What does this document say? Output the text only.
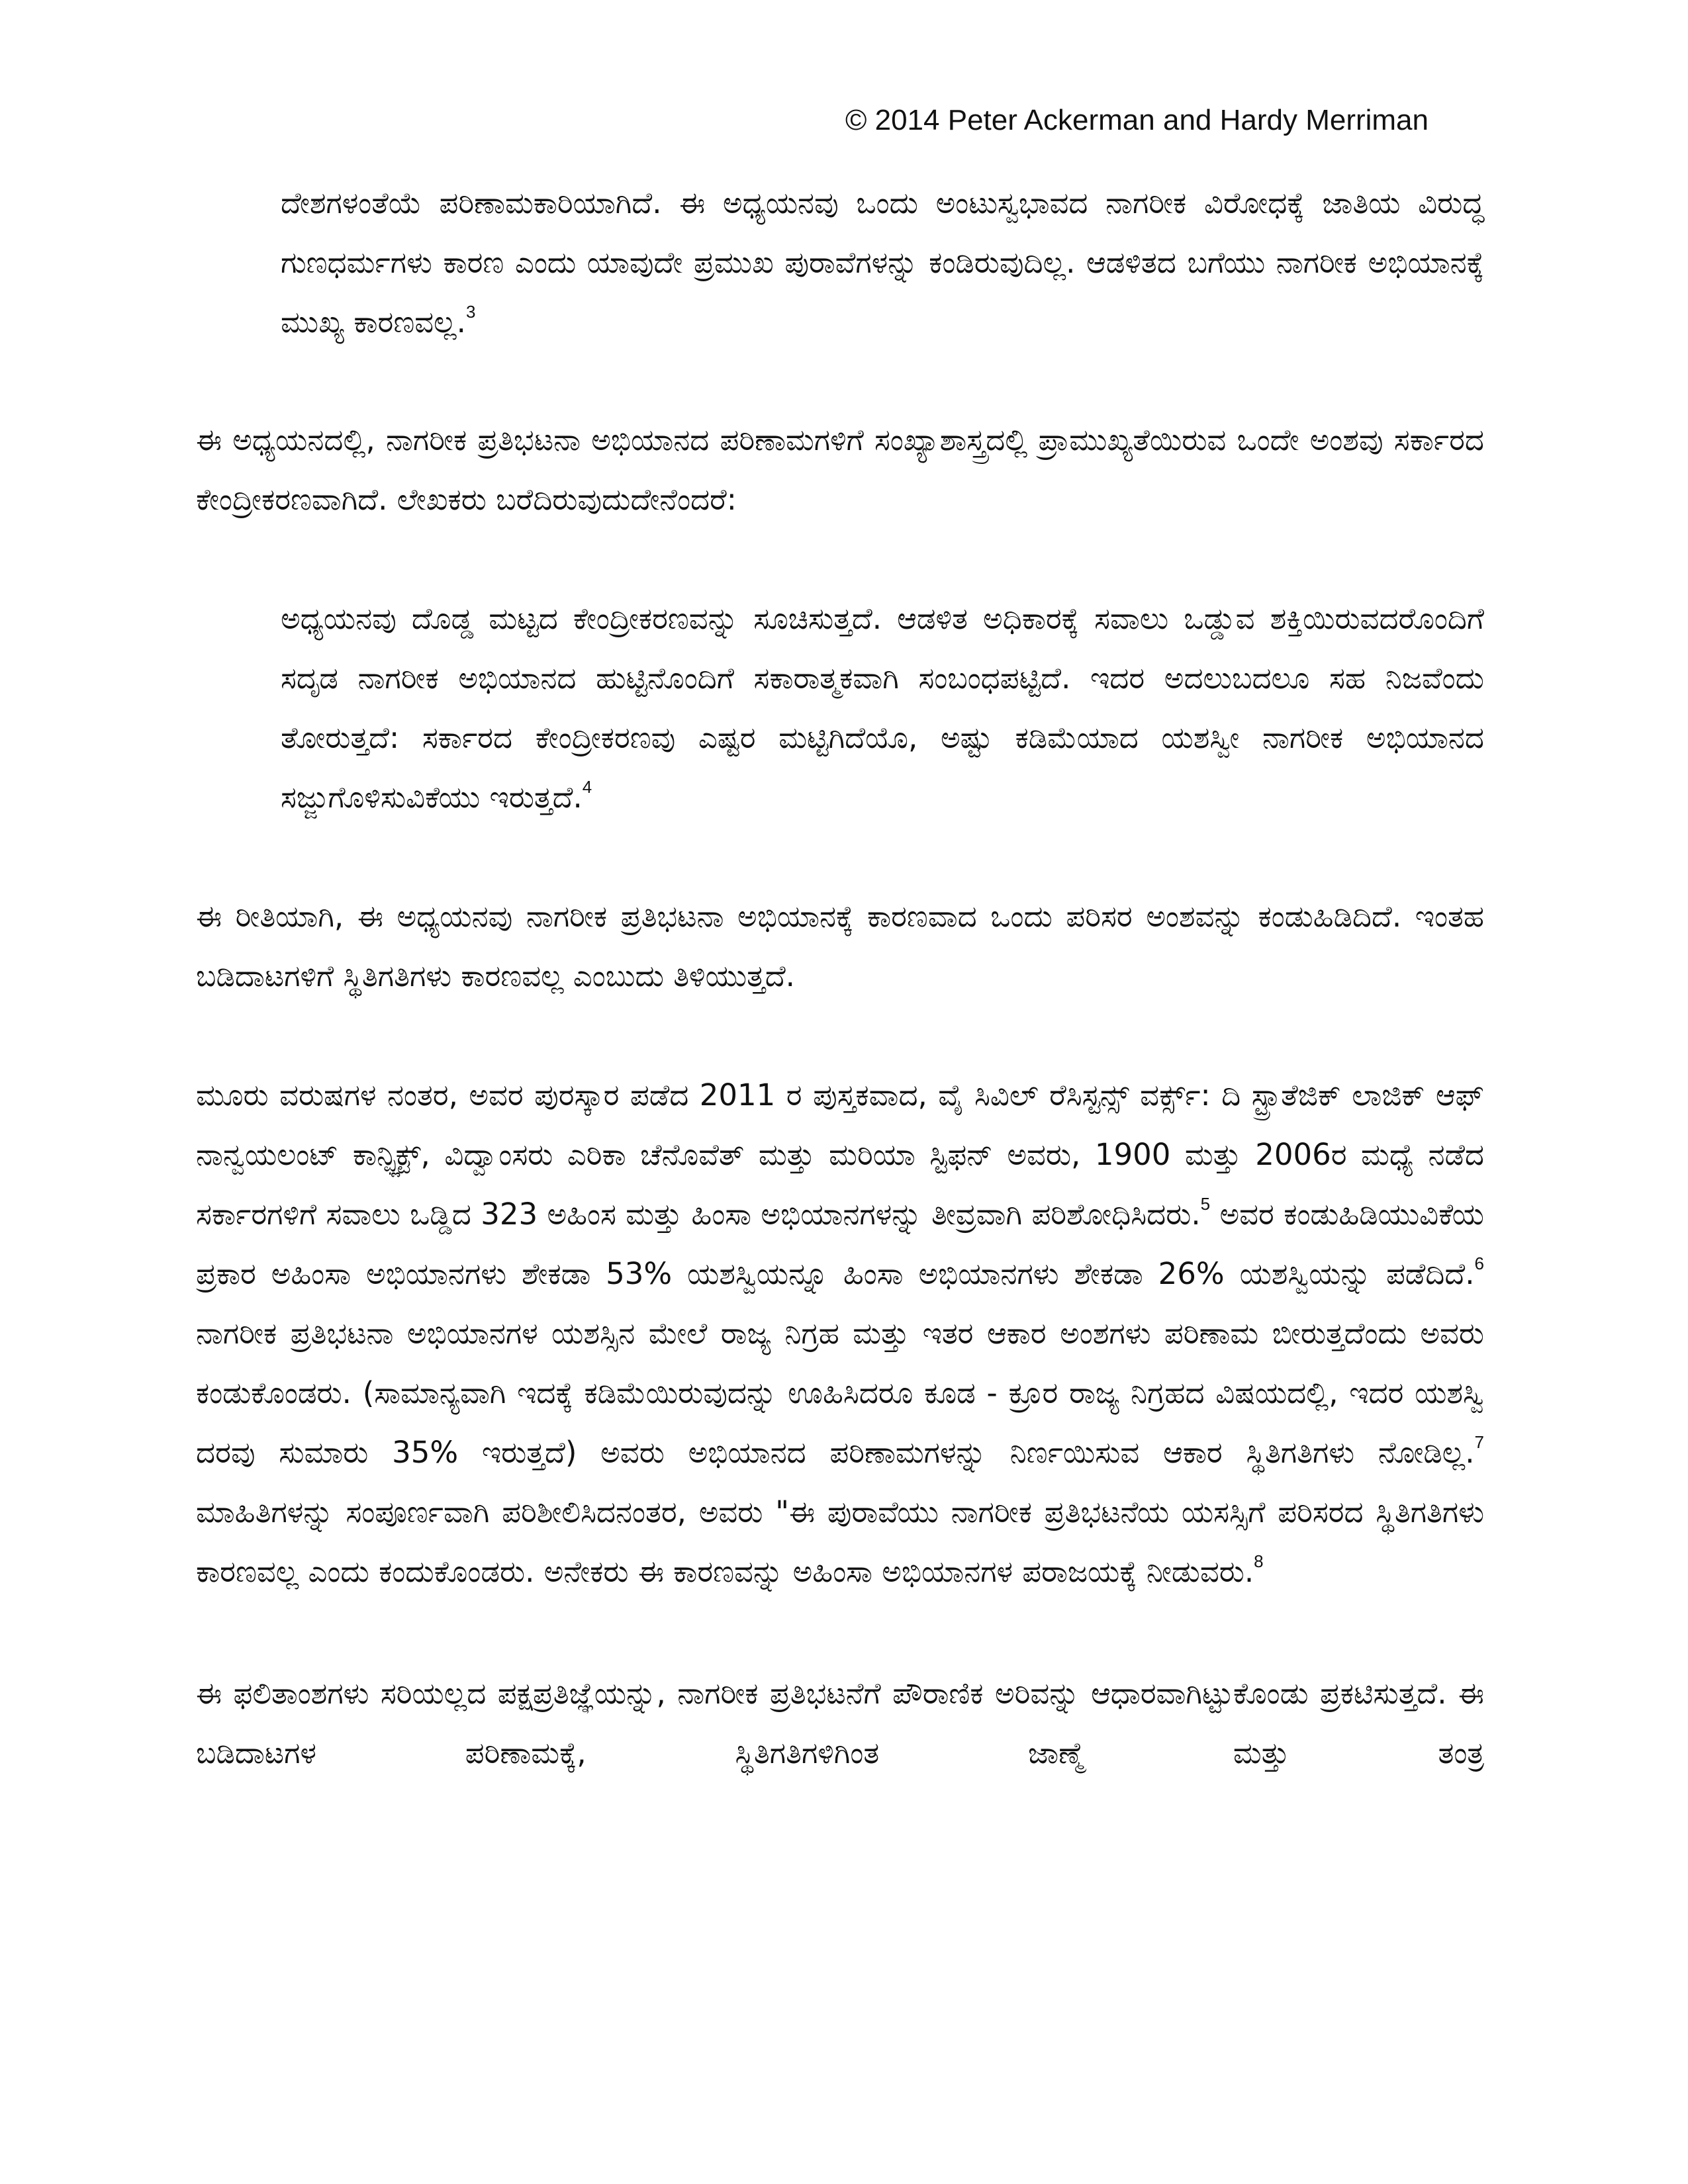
© 2014 Peter Ackerman and Hardy Merriman

ದೇಶಗಳಂತೆಯೆ ಪರಿಣಾಮಕಾರಿಯಾಗಿದೆ. ಈ ಅಧ್ಯಯನವು ಒಂದು ಅಂಟುಸ್ವಭಾವದ ನಾಗರೀಕ ವಿರೋಧಕ್ಕೆ ಜಾತಿಯ ವಿರುದ್ಧ ಗುಣಧರ್ಮಗಳು ಕಾರಣ ಎಂದು ಯಾವುದೇ ಪ್ರಮುಖ ಪುರಾವೆಗಳನ್ನು ಕಂಡಿರುವುದಿಲ್ಲ. ಆಡಳಿತದ ಬಗೆಯು ನಾಗರೀಕ ಅಭಿಯಾನಕ್ಕೆ ಮುಖ್ಯ ಕಾರಣವಲ್ಲ.$^3$

ಈ ಅಧ್ಯಯನದಲ್ಲಿ, ನಾಗರೀಕ ಪ್ರತಿಭಟನಾ ಅಭಿಯಾನದ ಪರಿಣಾಮಗಳಿಗೆ ಸಂಖ್ಯಾಶಾಸ್ತ್ರದಲ್ಲಿ ಪ್ರಾಮುಖ್ಯತೆಯಿರುವ ಒಂದೇ ಅಂಶವು ಸರ್ಕಾರದ ಕೇಂದ್ರೀಕರಣವಾಗಿದೆ. ಲೇಖಕರು ಬರೆದಿರುವುದುದೇನೆಂದರೆ:

ಅಧ್ಯಯನವು ದೊಡ್ಡ ಮಟ್ಟದ ಕೇಂದ್ರೀಕರಣವನ್ನು ಸೂಚಿಸುತ್ತದೆ. ಆಡಳಿತ ಅಧಿಕಾರಕ್ಕೆ ಸವಾಲು ಒಡ್ಡುವ ಶಕ್ತಿಯಿರುವದರೊಂದಿಗೆ ಸದೃಡ ನಾಗರೀಕ ಅಭಿಯಾನದ ಹುಟ್ಟಿನೊಂದಿಗೆ ಸಕಾರಾತ್ಮಕವಾಗಿ ಸಂಬಂಧಪಟ್ಟಿದೆ. ಇದರ ಅದಲುಬದಲೂ ಸಹ ನಿಜವೆಂದು ತೋರುತ್ತದೆ: ಸರ್ಕಾರದ ಕೇಂದ್ರೀಕರಣವು ಎಷ್ಟರ ಮಟ್ಟಿಗಿದೆಯೊ, ಅಷ್ಟು ಕಡಿಮೆಯಾದ ಯಶಸ್ವೀ ನಾಗರೀಕ ಅಭಿಯಾನದ ಸಜ್ಜುಗೊಳಿಸುವಿಕೆಯು ಇರುತ್ತದೆ.$^4$

ಈ ರೀತಿಯಾಗಿ, ಈ ಅಧ್ಯಯನವು ನಾಗರೀಕ ಪ್ರತಿಭಟನಾ ಅಭಿಯಾನಕ್ಕೆ ಕಾರಣವಾದ ಒಂದು ಪರಿಸರ ಅಂಶವನ್ನು ಕಂಡುಹಿಡಿದಿದೆ. ಇಂತಹ ಬಡಿದಾಟಗಳಿಗೆ ಸ್ಥಿತಿಗತಿಗಳು ಕಾರಣವಲ್ಲ ಎಂಬುದು ತಿಳಿಯುತ್ತದೆ.

ಮೂರು ವರುಷಗಳ ನಂತರ, ಅವರ ಪುರಸ್ಕಾರ ಪಡೆದ 2011 ರ ಪುಸ್ತಕವಾದ, ವೈ ಸಿವಿಲ್ ರೆಸಿಸ್ಟನ್ಸ್ ವರ್ಕ್ಸ್: ದಿ ಸ್ಟ್ರಾತೆಜಿಕ್ ಲಾಜಿಕ್ ಆಫ್ ನಾನ್ವಯಲಂಟ್ ಕಾನ್ಫ್ಲಿಕ್ಟ್, ವಿದ್ವಾಂಸರು ಎರಿಕಾ ಚೆನೊವೆತ್ ಮತ್ತು ಮರಿಯಾ ಸ್ಟಿಫನ್ ಅವರು, 1900 ಮತ್ತು 2006ರ ಮಧ್ಯೆ ನಡೆದ ಸರ್ಕಾರಗಳಿಗೆ ಸವಾಲು ಒಡ್ಡಿದ 323 ಅಹಿಂಸ ಮತ್ತು ಹಿಂಸಾ ಅಭಿಯಾನಗಳನ್ನು ತೀವ್ರವಾಗಿ ಪರಿಶೋಧಿಸಿದರು.$^5$ ಅವರ ಕಂಡುಹಿಡಿಯುವಿಕೆಯ ಪ್ರಕಾರ ಅಹಿಂಸಾ ಅಭಿಯಾನಗಳು ಶೇಕಡಾ 53% ಯಶಸ್ವಿಯನ್ನೂ ಹಿಂಸಾ ಅಭಿಯಾನಗಳು ಶೇಕಡಾ 26% ಯಶಸ್ವಿಯನ್ನು ಪಡೆದಿದೆ.$^6$ ನಾಗರೀಕ ಪ್ರತಿಭಟನಾ ಅಭಿಯಾನಗಳ ಯಶಸ್ಸಿನ ಮೇಲೆ ರಾಜ್ಯ ನಿಗ್ರಹ ಮತ್ತು ಇತರ ಆಕಾರ ಅಂಶಗಳು ಪರಿಣಾಮ ಬೀರುತ್ತದೆಂದು ಅವರು ಕಂಡುಕೊಂಡರು. (ಸಾಮಾನ್ಯವಾಗಿ ಇದಕ್ಕೆ ಕಡಿಮೆಯಿರುವುದನ್ನು ಊಹಿಸಿದರೂ ಕೂಡ - ಕ್ರೂರ ರಾಜ್ಯ ನಿಗ್ರಹದ ವಿಷಯದಲ್ಲಿ, ಇದರ ಯಶಸ್ವಿ ದರವು ಸುಮಾರು 35% ಇರುತ್ತದೆ) ಅವರು ಅಭಿಯಾನದ ಪರಿಣಾಮಗಳನ್ನು ನಿರ್ಣಯಿಸುವ ಆಕಾರ ಸ್ಥಿತಿಗತಿಗಳು ನೋಡಿಲ್ಲ.$^7$ ಮಾಹಿತಿಗಳನ್ನು ಸಂಪೂರ್ಣವಾಗಿ ಪರಿಶೀಲಿಸಿದನಂತರ, ಅವರು "ಈ ಪುರಾವೆಯು ನಾಗರೀಕ ಪ್ರತಿಭಟನೆಯ ಯಸಸ್ಸಿಗೆ ಪರಿಸರದ ಸ್ಥಿತಿಗತಿಗಳು ಕಾರಣವಲ್ಲ ಎಂದು ಕಂದುಕೊಂಡರು. ಅನೇಕರು ಈ ಕಾರಣವನ್ನು ಅಹಿಂಸಾ ಅಭಿಯಾನಗಳ ಪರಾಜಯಕ್ಕೆ ನೀಡುವರು.$^8$

ಈ ಫಲಿತಾಂಶಗಳು ಸರಿಯಲ್ಲದ ಪಕ್ಷಪ್ರತಿಜ್ಞೆಯನ್ನು, ನಾಗರೀಕ ಪ್ರತಿಭಟನೆಗೆ ಪೌರಾಣಿಕ ಅರಿವನ್ನು ಆಧಾರವಾಗಿಟ್ಟುಕೊಂಡು ಪ್ರಕಟಿಸುತ್ತದೆ. ಈ ಬಡಿದಾಟಗಳ ಪರಿಣಾಮಕ್ಕೆ, ಸ್ಥಿತಿಗತಿಗಳಿಗಿಂತ ಜಾಣ್ಮೆ ಮತ್ತು ತಂತ್ರ
